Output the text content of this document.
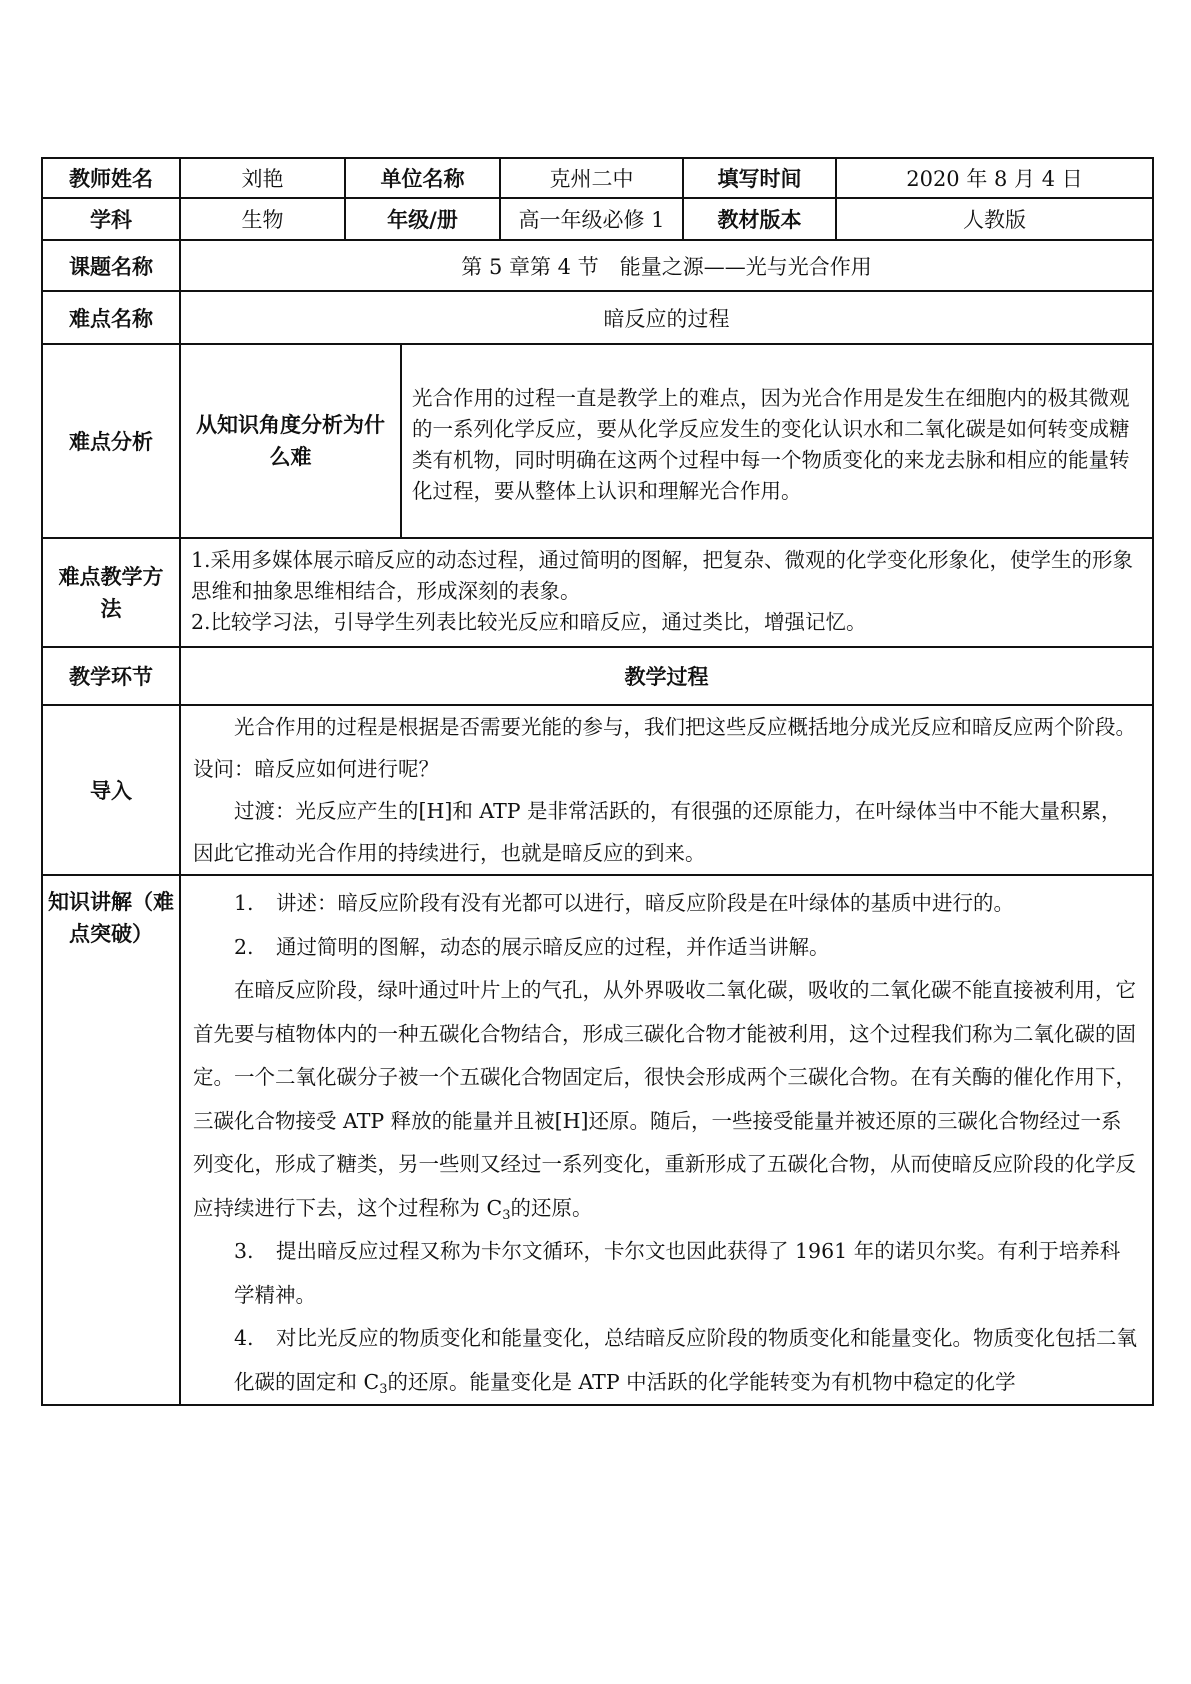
教师姓名	刘艳	单位名称	克州二中	填写时间	2020 年 8 月 4 日
学科	生物	年级/册	高一年级必修 1	教材版本	人教版
课题名称	第 5 章第 4 节　能量之源——光与光合作用				
难点名称	暗反应的过程				
难点分析	从知识角度分析为什么难
光合作用的过程一直是教学上的难点，因为光合作用是发生在细胞内的极其微观的一系列化学反应，要从化学反应发生的变化认识水和二氧化碳是如何转变成糖类有机物，同时明确在这两个过程中每一个物质变化的来龙去脉和相应的能量转化过程，要从整体上认识和理解光合作用。				

难点教学方法	1.采用多媒体展示暗反应的动态过程，通过简明的图解，把复杂、微观的化学变化形象化，使学生的形象思维和抽象思维相结合，形成深刻的表象。
2.比较学习法，引导学生列表比较光反应和暗反应，通过类比，增强记忆。				

教学环节	教学过程				
导入	光合作用的过程是根据是否需要光能的参与，我们把这些反应概括地分成光反应和暗反应两个阶段。设问：暗反应如何进行呢？

过渡：光反应产生的[H]和 ATP 是非常活跃的，有很强的还原能力，在叶绿体当中不能大量积累，因此它推动光合作用的持续进行，也就是暗反应的到来。				

知识讲解（难点突破）	1. 讲述：暗反应阶段有没有光都可以进行，暗反应阶段是在叶绿体的基质中进行的。

2. 通过简明的图解，动态的展示暗反应的过程，并作适当讲解。

在暗反应阶段，绿叶通过叶片上的气孔，从外界吸收二氧化碳，吸收的二氧化碳不能直接被利用，它首先要与植物体内的一种五碳化合物结合，形成三碳化合物才能被利用，这个过程我们称为二氧化碳的固定。一个二氧化碳分子被一个五碳化合物固定后，很快会形成两个三碳化合物。在有关酶的催化作用下，三碳化合物接受 ATP 释放的能量并且被[H]还原。随后，一些接受能量并被还原的三碳化合物经过一系列变化，形成了糖类，另一些则又经过一系列变化，重新形成了五碳化合物，从而使暗反应阶段的化学反应持续进行下去，这个过程称为 $C_3$的还原。

3. 提出暗反应过程又称为卡尔文循环，卡尔文也因此获得了 1961 年的诺贝尔奖。有利于培养科学精神。

4. 对比光反应的物质变化和能量变化，总结暗反应阶段的物质变化和能量变化。物质变化包括二氧化碳的固定和 $C_3$的还原。能量变化是 ATP 中活跃的化学能转变为有机物中稳定的化学				
